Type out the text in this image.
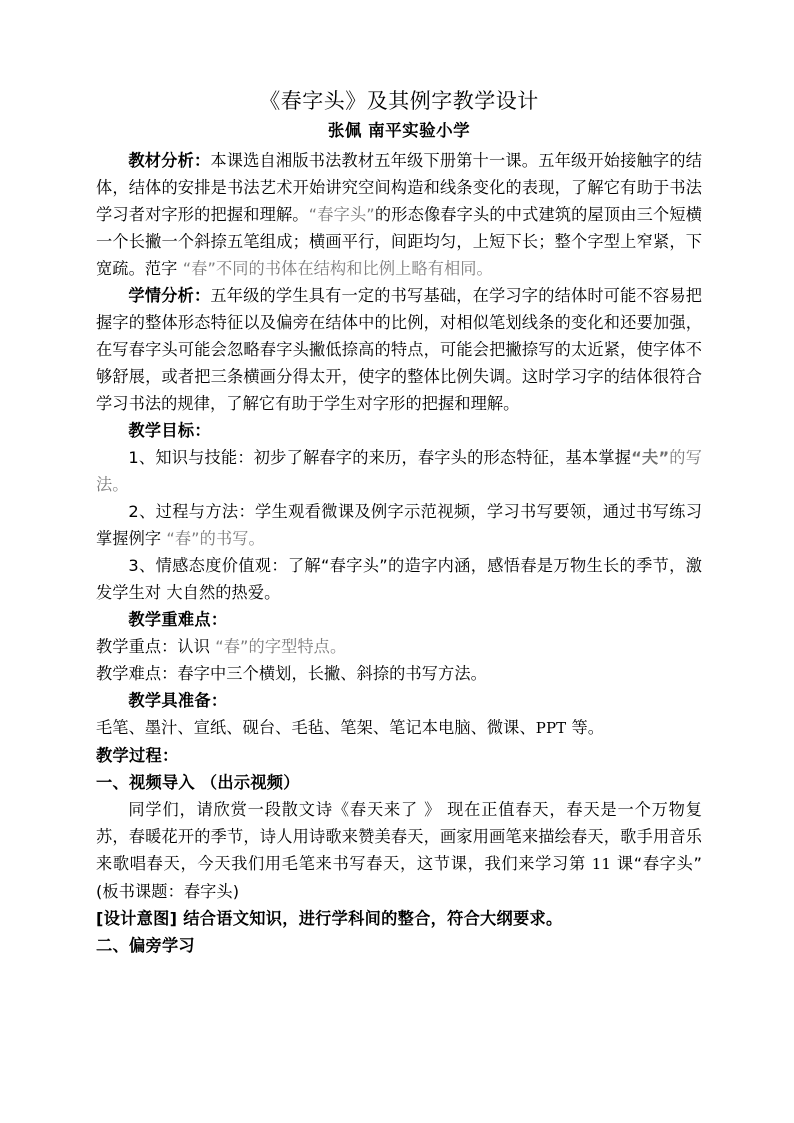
《春字头》及其例字教学设计
张佩 南平实验小学

教材分析：本课选自湘版书法教材五年级下册第十一课。五年级开始接触字的结体，结体的安排是书法艺术开始讲究空间构造和线条变化的表现，了解它有助于书法学习者对字形的把握和理解。“春字头”的形态像春字头的中式建筑的屋顶由三个短横一个长撇一个斜捺五笔组成；横画平行，间距均匀，上短下长；整个字型上窄紧，下宽疏。范字 “春”不同的书体在结构和比例上略有相同。

学情分析：五年级的学生具有一定的书写基础，在学习字的结体时可能不容易把握字的整体形态特征以及偏旁在结体中的比例，对相似笔划线条的变化和还要加强，在写春字头可能会忽略春字头撇低捺高的特点，可能会把撇捺写的太近紧，使字体不够舒展，或者把三条横画分得太开，使字的整体比例失调。这时学习字的结体很符合学习书法的规律，了解它有助于学生对字形的把握和理解。

教学目标：

1、知识与技能：初步了解春字的来历，春字头的形态特征，基本掌握“夫”的写法。

2、过程与方法：学生观看微课及例字示范视频，学习书写要领，通过书写练习掌握例字 “春”的书写。

3、情感态度价值观：了解“春字头”的造字内涵，感悟春是万物生长的季节，激发学生对 大自然的热爱。

教学重难点：

教学重点：认识 “春”的字型特点。

教学难点：春字中三个横划，长撇、斜捺的书写方法。

教学具准备：

毛笔、墨汁、宣纸、砚台、毛毡、笔架、笔记本电脑、微课、PPT 等。

教学过程：

一、视频导入 （出示视频）

同学们，请欣赏一段散文诗《春天来了 》 现在正值春天，春天是一个万物复苏，春暖花开的季节，诗人用诗歌来赞美春天，画家用画笔来描绘春天，歌手用音乐来歌唱春天，今天我们用毛笔来书写春天，这节课，我们来学习第 11 课“春字头”(板书课题：春字头)

[设计意图] 结合语文知识，进行学科间的整合，符合大纲要求。

二、偏旁学习
